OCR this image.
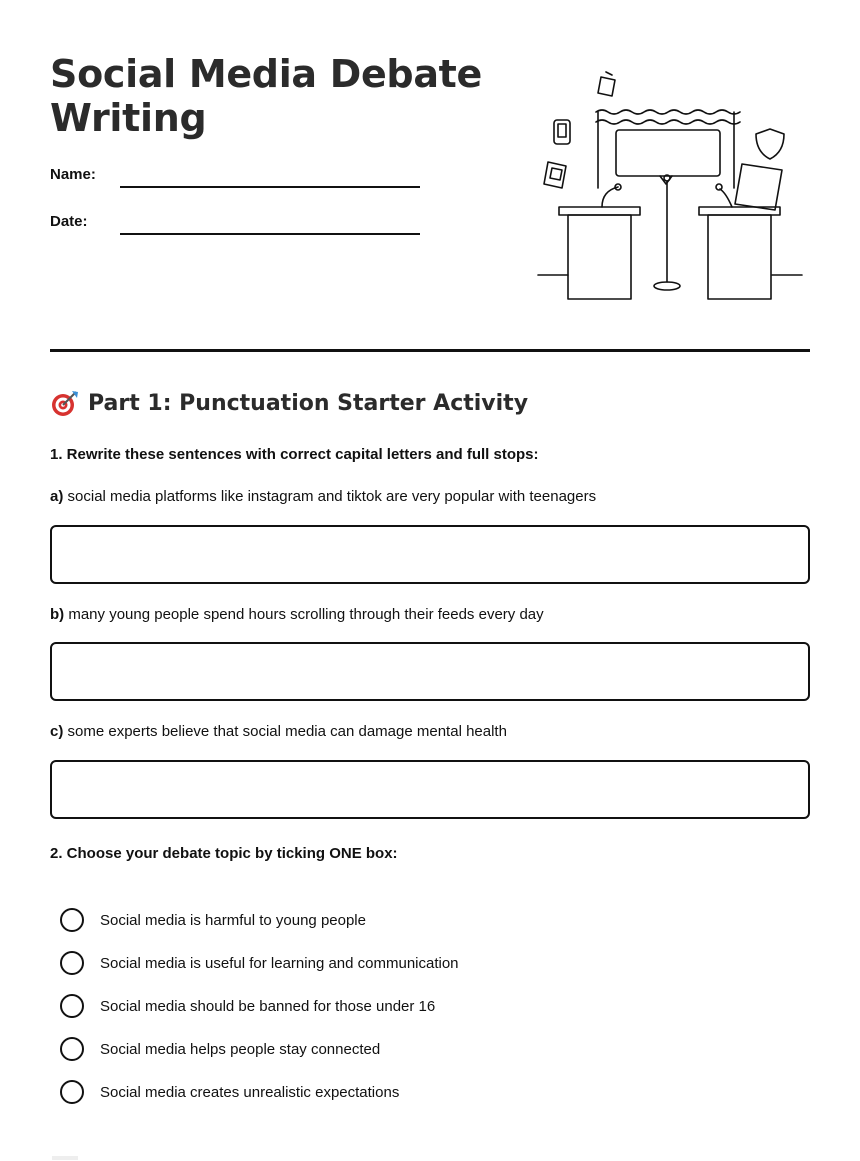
Social Media Debate Writing
Name:
Date:
Part 1: Punctuation Starter Activity

1. Rewrite these sentences with correct capital letters and full stops:

a) social media platforms like instagram and tiktok are very popular with teenagers
b) many young people spend hours scrolling through their feeds every day
c) some experts believe that social media can damage mental health

2. Choose your debate topic by ticking ONE box:

Social media is harmful to young people
Social media is useful for learning and communication
Social media should be banned for those under 16
Social media helps people stay connected
Social media creates unrealistic expectations
